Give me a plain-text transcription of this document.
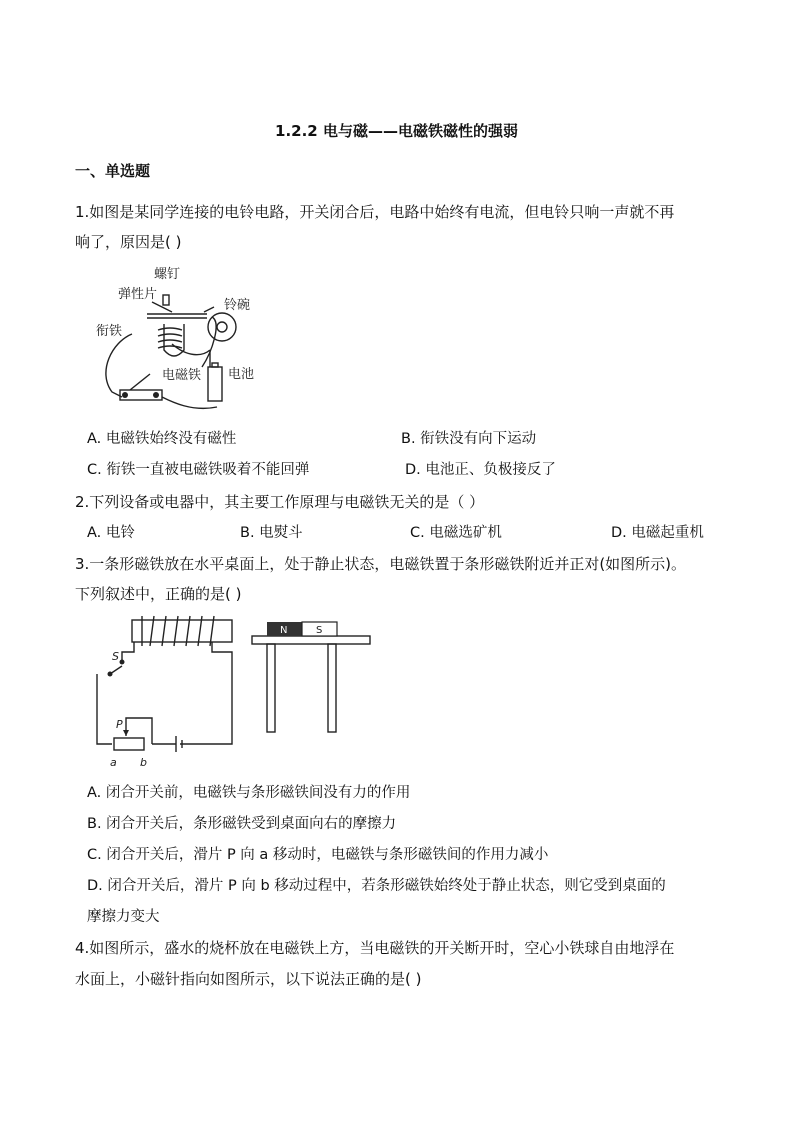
1.2.2 电与磁——电磁铁磁性的强弱
一、单选题
1.如图是某同学连接的电铃电路，开关闭合后，电路中始终有电流，但电铃只响一声就不再
响了，原因是( )
螺钉
弹性片
铃碗
衔铁
电磁铁 电池
A. 电磁铁始终没有磁性	B. 衔铁没有向下运动
C. 衔铁一直被电磁铁吸着不能回弹	D. 电池正、负极接反了
2.下列设备或电器中，其主要工作原理与电磁铁无关的是（ ）
A. 电铃	B. 电熨斗	C. 电磁选矿机	D. 电磁起重机
3.一条形磁铁放在水平桌面上，处于静止状态，电磁铁置于条形磁铁附近并正对(如图所示)。
下列叙述中，正确的是( )
S
P
a b
N	S
A. 闭合开关前，电磁铁与条形磁铁间没有力的作用
B. 闭合开关后，条形磁铁受到桌面向右的摩擦力
C. 闭合开关后，滑片 P 向 a 移动时，电磁铁与条形磁铁间的作用力减小
D. 闭合开关后，滑片 P 向 b 移动过程中，若条形磁铁始终处于静止状态，则它受到桌面的
摩擦力变大
4.如图所示，盛水的烧杯放在电磁铁上方，当电磁铁的开关断开时，空心小铁球自由地浮在
水面上，小磁针指向如图所示，以下说法正确的是( )
